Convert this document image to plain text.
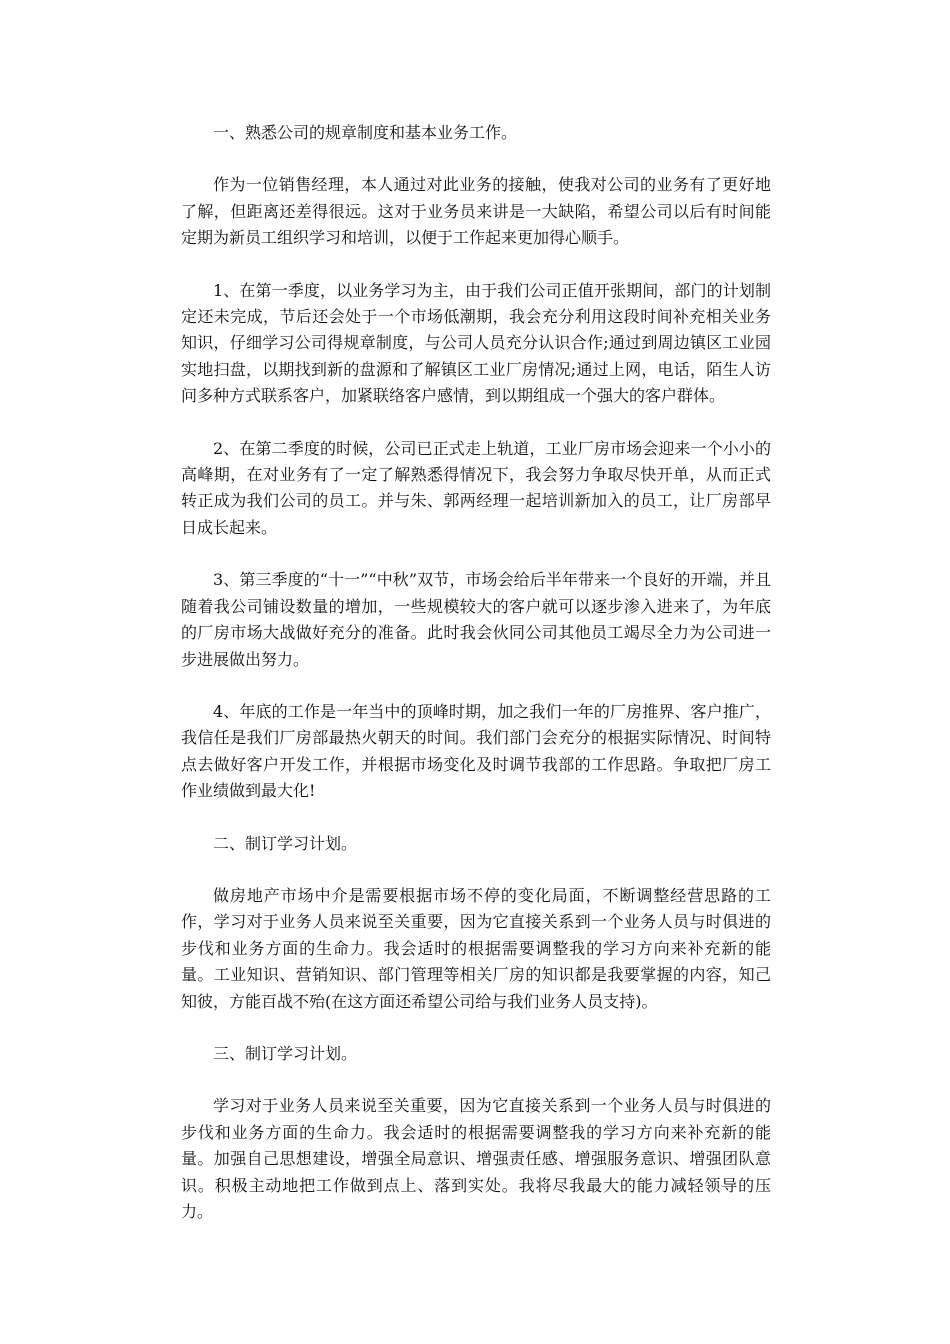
一、熟悉公司的规章制度和基本业务工作。

作为一位销售经理，本人通过对此业务的接触，使我对公司的业务有了更好地了解，但距离还差得很远。这对于业务员来讲是一大缺陷，希望公司以后有时间能定期为新员工组织学习和培训，以便于工作起来更加得心顺手。

1、在第一季度，以业务学习为主，由于我们公司正值开张期间，部门的计划制定还未完成，节后还会处于一个市场低潮期，我会充分利用这段时间补充相关业务知识，仔细学习公司得规章制度，与公司人员充分认识合作;通过到周边镇区工业园实地扫盘，以期找到新的盘源和了解镇区工业厂房情况;通过上网，电话，陌生人访问多种方式联系客户，加紧联络客户感情，到以期组成一个强大的客户群体。

2、在第二季度的时候，公司已正式走上轨道，工业厂房市场会迎来一个小小的高峰期，在对业务有了一定了解熟悉得情况下，我会努力争取尽快开单，从而正式转正成为我们公司的员工。并与朱、郭两经理一起培训新加入的员工，让厂房部早日成长起来。

3、第三季度的“十一”“中秋”双节，市场会给后半年带来一个良好的开端，并且随着我公司铺设数量的增加，一些规模较大的客户就可以逐步渗入进来了，为年底的厂房市场大战做好充分的准备。此时我会伙同公司其他员工竭尽全力为公司进一步进展做出努力。

4、年底的工作是一年当中的顶峰时期，加之我们一年的厂房推界、客户推广，我信任是我们厂房部最热火朝天的时间。我们部门会充分的根据实际情况、时间特点去做好客户开发工作，并根据市场变化及时调节我部的工作思路。争取把厂房工作业绩做到最大化!

二、制订学习计划。

做房地产市场中介是需要根据市场不停的变化局面，不断调整经营思路的工作，学习对于业务人员来说至关重要，因为它直接关系到一个业务人员与时俱进的步伐和业务方面的生命力。我会适时的根据需要调整我的学习方向来补充新的能量。工业知识、营销知识、部门管理等相关厂房的知识都是我要掌握的内容，知己知彼，方能百战不殆(在这方面还希望公司给与我们业务人员支持)。

三、制订学习计划。

学习对于业务人员来说至关重要，因为它直接关系到一个业务人员与时俱进的步伐和业务方面的生命力。我会适时的根据需要调整我的学习方向来补充新的能量。加强自己思想建设，增强全局意识、增强责任感、增强服务意识、增强团队意识。积极主动地把工作做到点上、落到实处。我将尽我最大的能力减轻领导的压力。
